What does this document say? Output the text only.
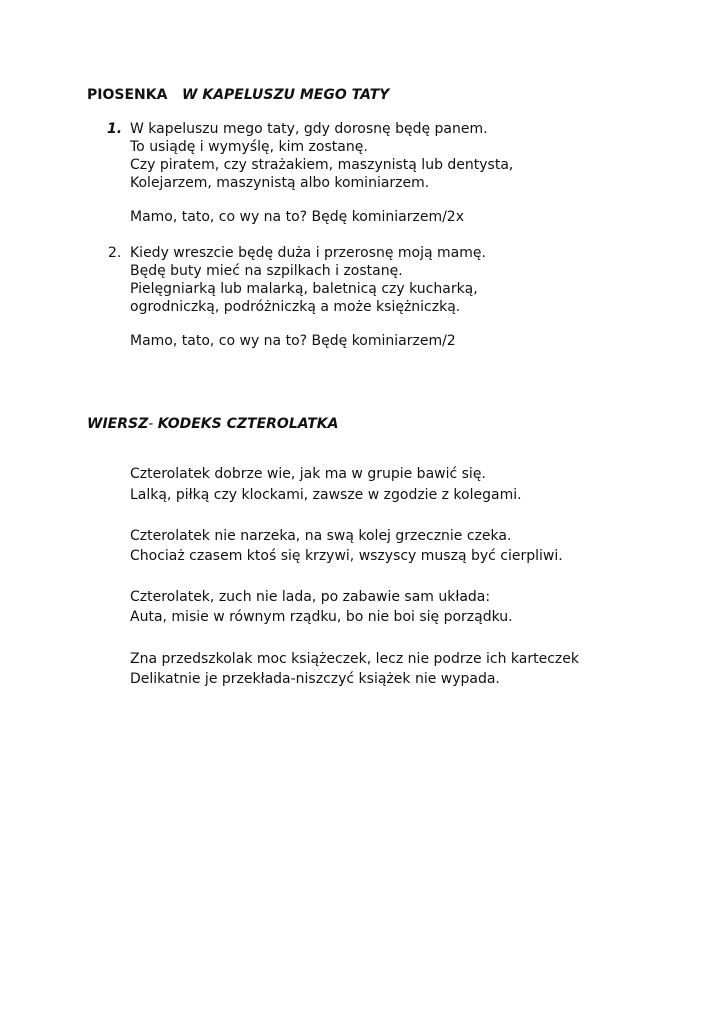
PIOSENKA W KAPELUSZU MEGO TATY
1. W kapeluszu mego taty, gdy dorosnę będę panem.
To usiądę i wymyślę, kim zostanę.
Czy piratem, czy strażakiem, maszynistą lub dentysta,
Kolejarzem, maszynistą albo kominiarzem.
Mamo, tato, co wy na to? Będę kominiarzem/2x
2. Kiedy wreszcie będę duża i przerosnę moją mamę.
Będę buty mieć na szpilkach i zostanę.
Pielęgniarką lub malarką, baletnicą czy kucharką,
ogrodniczką, podróżniczką a może księżniczką.
Mamo, tato, co wy na to? Będę kominiarzem/2
WIERSZ- KODEKS CZTEROLATKA
Czterolatek dobrze wie, jak ma w grupie bawić się.
Lalką, piłką czy klockami, zawsze w zgodzie z kolegami.
Czterolatek nie narzeka, na swą kolej grzecznie czeka.
Chociaż czasem ktoś się krzywi, wszyscy muszą być cierpliwi.
Czterolatek, zuch nie lada, po zabawie sam układa:
Auta, misie w równym rządku, bo nie boi się porządku.
Zna przedszkolak moc książeczek, lecz nie podrze ich karteczek
Delikatnie je przekłada-niszczyć książek nie wypada.
